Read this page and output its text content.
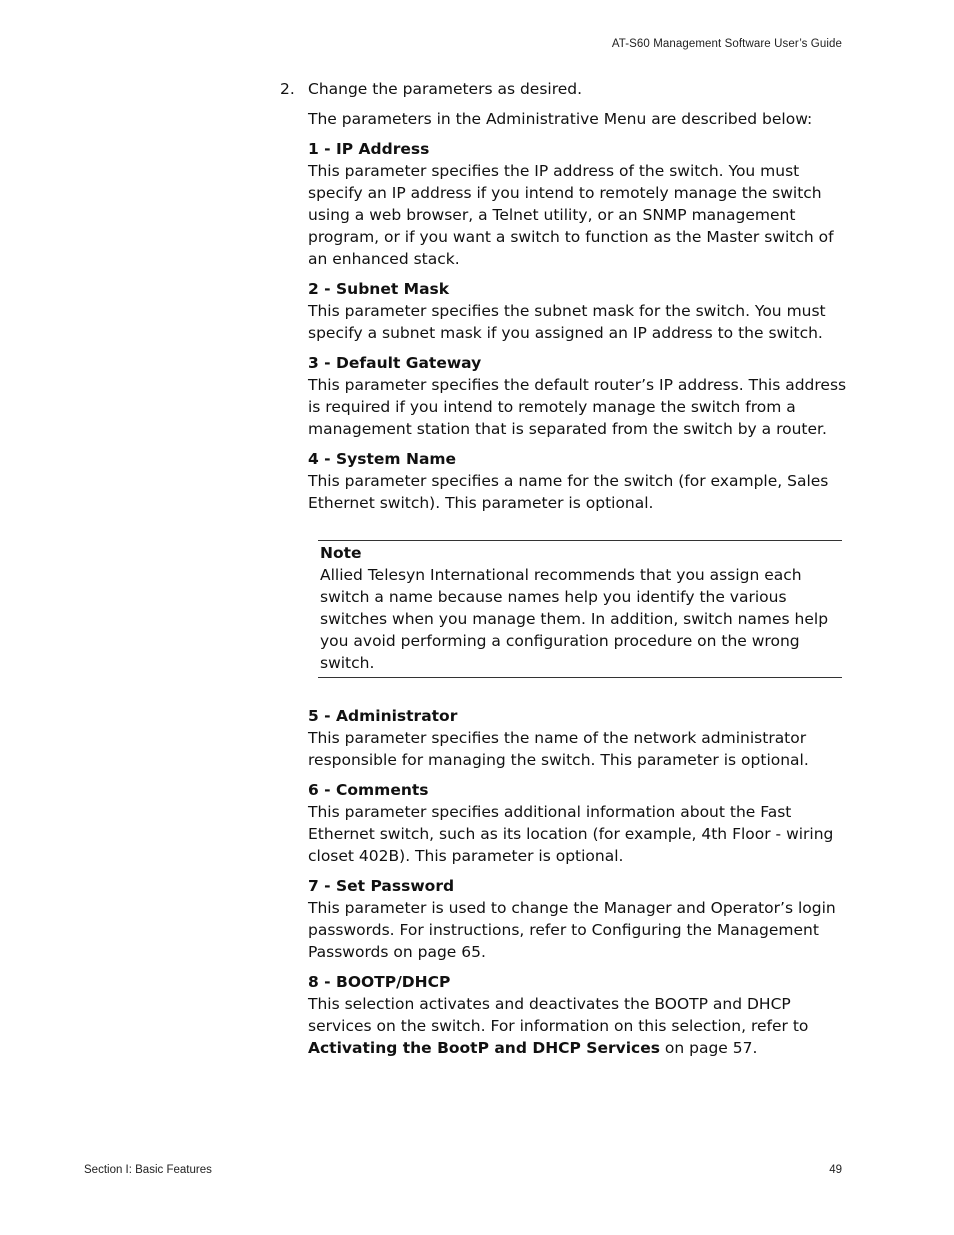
AT-S60 Management Software User’s Guide
2. Change the parameters as desired.

The parameters in the Administrative Menu are described below:

1 - IP Address
This parameter specifies the IP address of the switch. You must specify an IP address if you intend to remotely manage the switch using a web browser, a Telnet utility, or an SNMP management program, or if you want a switch to function as the Master switch of an enhanced stack.
2 - Subnet Mask
This parameter specifies the subnet mask for the switch. You must specify a subnet mask if you assigned an IP address to the switch.
3 - Default Gateway
This parameter specifies the default router’s IP address. This address is required if you intend to remotely manage the switch from a management station that is separated from the switch by a router.
4 - System Name
This parameter specifies a name for the switch (for example, Sales Ethernet switch). This parameter is optional.
Note
Allied Telesyn International recommends that you assign each switch a name because names help you identify the various switches when you manage them. In addition, switch names help you avoid performing a configuration procedure on the wrong switch.
5 - Administrator
This parameter specifies the name of the network administrator responsible for managing the switch. This parameter is optional.
6 - Comments
This parameter specifies additional information about the Fast Ethernet switch, such as its location (for example, 4th Floor - wiring closet 402B). This parameter is optional.
7 - Set Password
This parameter is used to change the Manager and Operator’s login passwords. For instructions, refer to Configuring the Management Passwords on page 65.
8 - BOOTP/DHCP
This selection activates and deactivates the BOOTP and DHCP services on the switch. For information on this selection, refer to Activating the BootP and DHCP Services on page 57.
Section I: Basic Features	49
